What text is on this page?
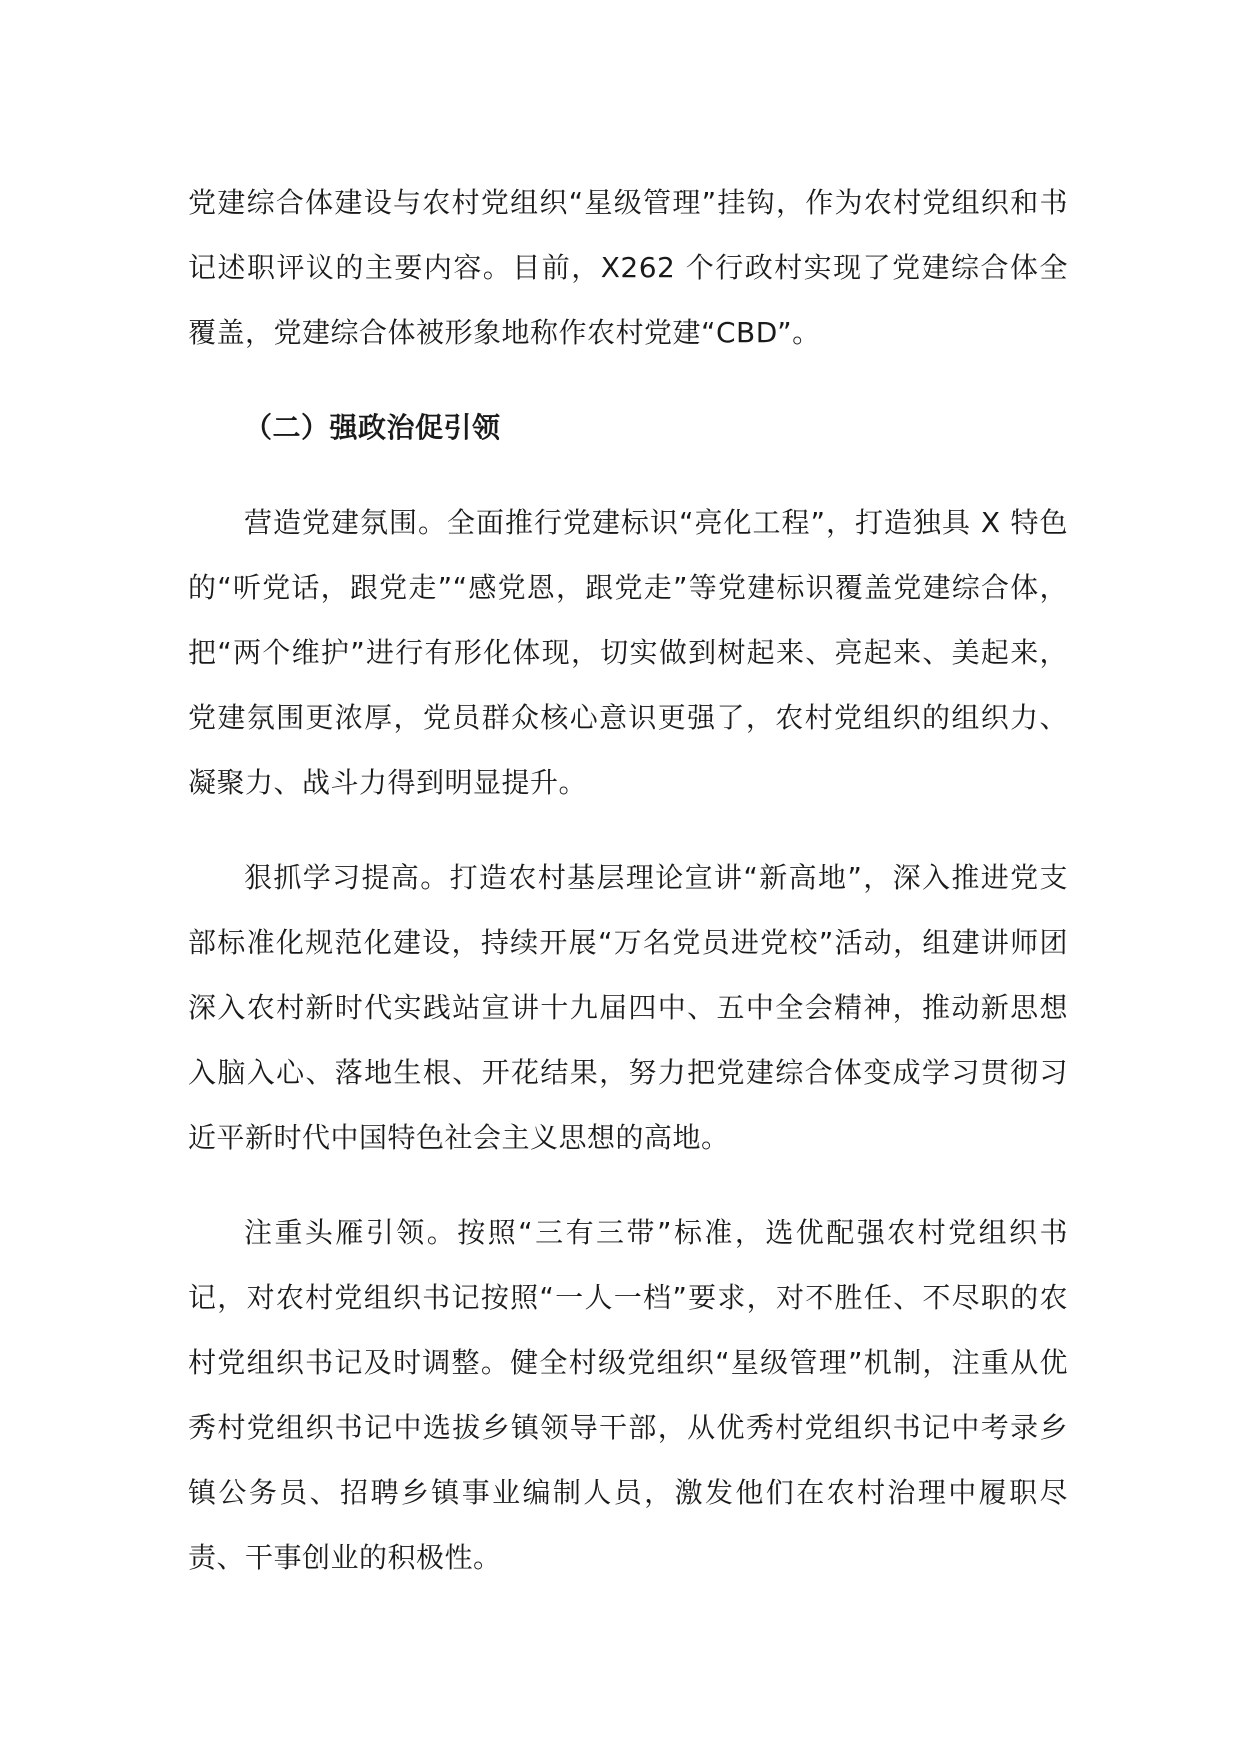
党建综合体建设与农村党组织“星级管理”挂钩，作为农村党组织和书记述职评议的主要内容。目前，X262 个行政村实现了党建综合体全覆盖，党建综合体被形象地称作农村党建“CBD”。

（二）强政治促引领

营造党建氛围。全面推行党建标识“亮化工程”，打造独具 X 特色的“听党话，跟党走”“感党恩，跟党走”等党建标识覆盖党建综合体，把“两个维护”进行有形化体现，切实做到树起来、亮起来、美起来，党建氛围更浓厚，党员群众核心意识更强了，农村党组织的组织力、凝聚力、战斗力得到明显提升。

狠抓学习提高。打造农村基层理论宣讲“新高地”，深入推进党支部标准化规范化建设，持续开展“万名党员进党校”活动，组建讲师团深入农村新时代实践站宣讲十九届四中、五中全会精神，推动新思想入脑入心、落地生根、开花结果，努力把党建综合体变成学习贯彻习近平新时代中国特色社会主义思想的高地。

注重头雁引领。按照“三有三带”标准，选优配强农村党组织书记，对农村党组织书记按照“一人一档”要求，对不胜任、不尽职的农村党组织书记及时调整。健全村级党组织“星级管理”机制，注重从优秀村党组织书记中选拔乡镇领导干部，从优秀村党组织书记中考录乡镇公务员、招聘乡镇事业编制人员，激发他们在农村治理中履职尽责、干事创业的积极性。
